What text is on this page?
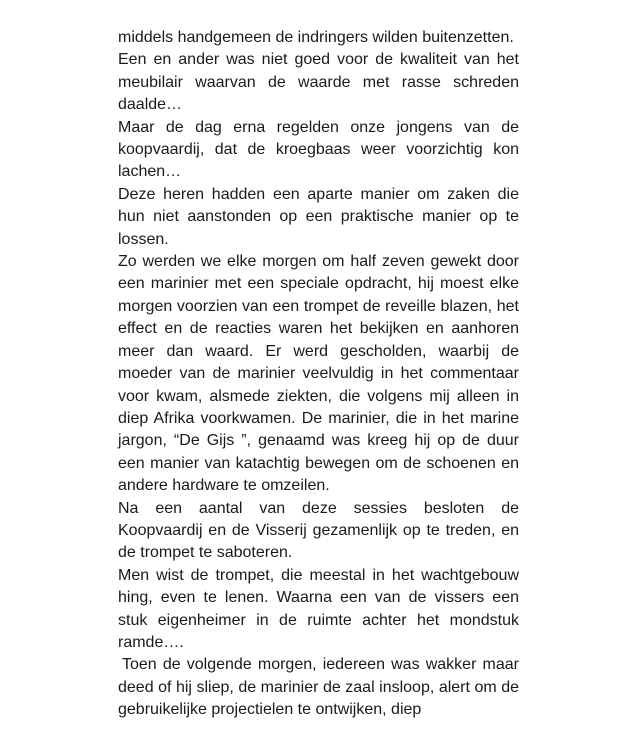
middels handgemeen de indringers wilden buitenzetten.

Een en ander was niet goed voor de kwaliteit van het meubilair waarvan de waarde met rasse schreden daalde…

Maar de dag erna regelden onze jongens van de koopvaardij, dat de kroegbaas weer voorzichtig kon lachen…

Deze heren hadden een aparte manier om zaken die hun niet aanstonden op een praktische manier op te lossen.

Zo werden we elke morgen om half zeven gewekt door een marinier met een speciale opdracht, hij moest elke morgen voorzien van een trompet de reveille blazen, het effect en de reacties waren het bekijken en aanhoren meer dan waard. Er werd gescholden, waarbij de moeder van de marinier veelvuldig in het commentaar voor kwam, alsmede ziekten, die volgens mij alleen in diep Afrika voorkwamen. De marinier, die in het marine jargon, “De Gijs ”, genaamd was kreeg hij op de duur een manier van katachtig bewegen om de schoenen en andere hardware te omzeilen.

Na een aantal van deze sessies besloten de Koopvaardij en de Visserij gezamenlijk op te treden, en de trompet te saboteren.

Men wist de trompet, die meestal in het wachtgebouw hing, even te lenen. Waarna een van de vissers een stuk eigenheimer in de ruimte achter het mondstuk ramde….

Toen de volgende morgen, iedereen was wakker maar deed of hij sliep, de marinier de zaal insloop, alert om de gebruikelijke projectielen te ontwijken, diep
